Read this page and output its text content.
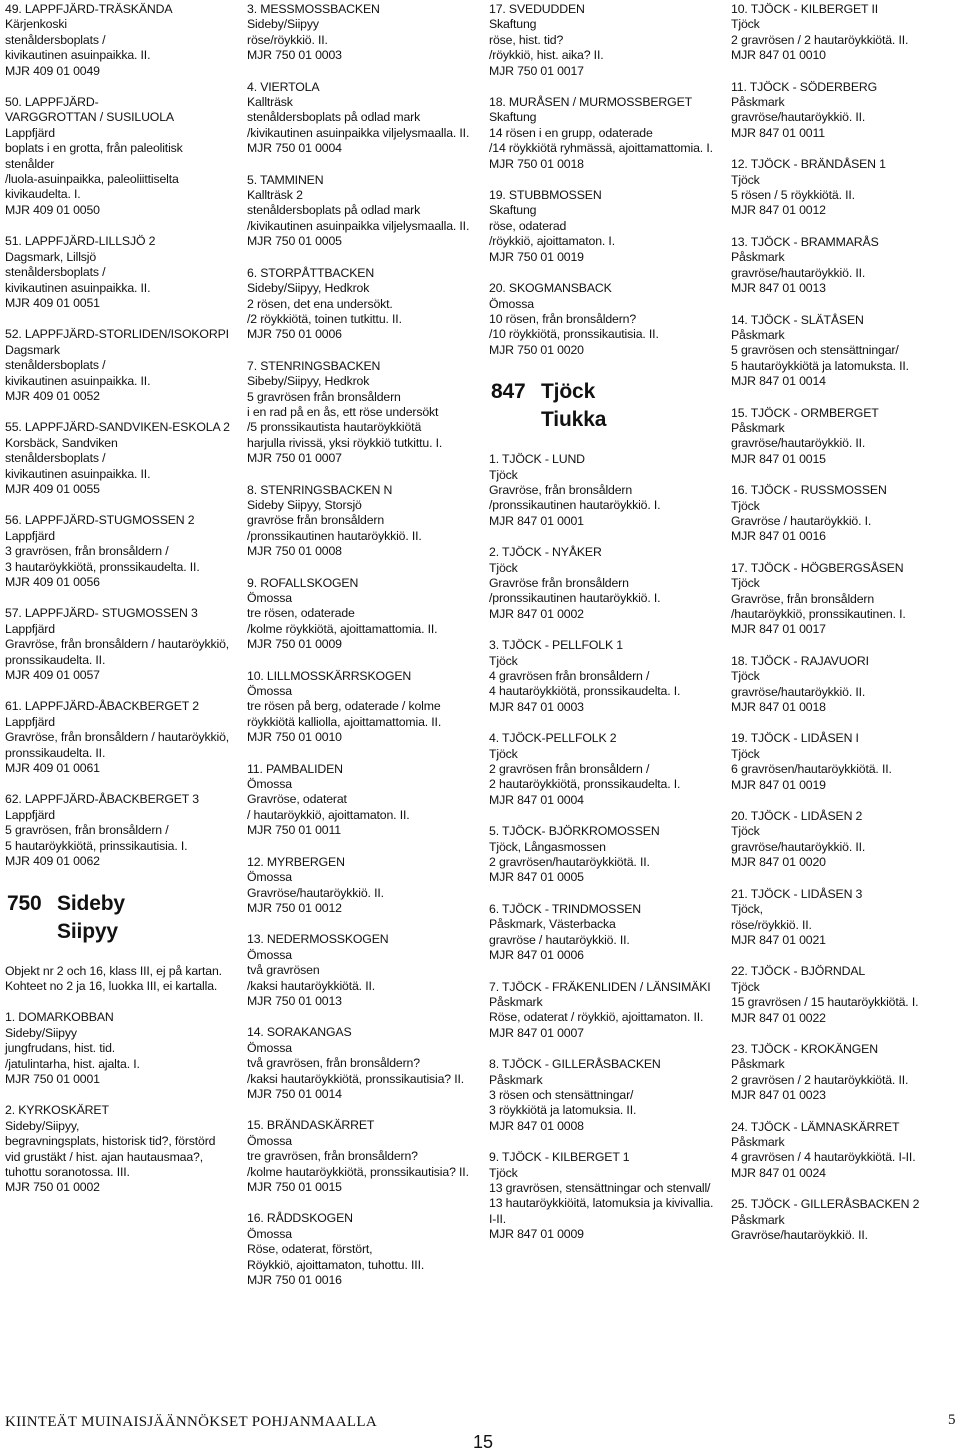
49. LAPPFJÄRD-TRÄSKÄNDA
Kärjenkoski
stenåldersboplats /
kivikautinen asuinpaikka. II.
MJR 409 01 0049
50. LAPPFJÄRD-
VARGGROTTAN / SUSILUOLA
Lappfjärd
boplats i en grotta, från paleolitisk
stenålder
/luola-asuinpaikka, paleoliittiselta
kivikaudelta. I.
MJR 409 01 0050
51. LAPPFJÄRD-LILLSJÖ 2
Dagsmark, Lillsjö
stenåldersboplats /
kivikautinen asuinpaikka. II.
MJR 409 01 0051
52. LAPPFJÄRD-STORLIDEN/ISOKORPI
Dagsmark
stenåldersboplats /
kivikautinen asuinpaikka. II.
MJR 409 01 0052
55. LAPPFJÄRD-SANDVIKEN-ESKOLA 2
Korsbäck, Sandviken
stenåldersboplats /
kivikautinen asuinpaikka. II.
MJR 409 01 0055
56. LAPPFJÄRD-STUGMOSSEN 2
Lappfjärd
3 gravrösen, från bronsåldern /
3 hautaröykkiötä, pronssikaudelta. II.
MJR 409 01 0056
57. LAPPFJÄRD- STUGMOSSEN 3
Lappfjärd
Gravröse, från bronsåldern / hautaröykkiö,
pronssikaudelta. II.
MJR 409 01 0057
61. LAPPFJÄRD-ÅBACKBERGET 2
Lappfjärd
Gravröse, från bronsåldern / hautaröykkiö,
pronssikaudelta. II.
MJR 409 01 0061
62. LAPPFJÄRD-ÅBACKBERGET 3
Lappfjärd
5 gravrösen, från bronsåldern /
5 hautaröykkiötä, prinssikautisia. I.
MJR 409 01 0062
750 Sideby
Siipyy
Objekt nr 2 och 16, klass III, ej på kartan.
Kohteet no 2 ja 16, luokka III, ei kartalla.
1. DOMARKOBBAN
Sideby/Siipyy
jungfrudans, hist. tid.
/jatulintarha, hist. ajalta. I.
MJR 750 01 0001
2. KYRKOSKÄRET
Sideby/Siipyy,
begravningsplats, historisk tid?, förstörd
vid grustäkt / hist. ajan hautausmaa?,
tuhottu soranotossa. III.
MJR 750 01 0002
3. MESSMOSSBACKEN
Sideby/Siipyy
röse/röykkiö. II.
MJR 750 01 0003
4. VIERTOLA
Kallträsk
stenåldersboplats på odlad mark
/kivikautinen asuinpaikka viljelysmaalla. II.
MJR 750 01 0004
5. TAMMINEN
Kallträsk 2
stenåldersboplats på odlad mark
/kivikautinen asuinpaikka viljelysmaalla. II.
MJR 750 01 0005
6. STORPÅTTBACKEN
Sideby/Siipyy, Hedkrok
2 rösen, det ena undersökt.
/2 röykkiötä, toinen tutkittu. II.
MJR 750 01 0006
7. STENRINGSBACKEN
Sibeby/Siipyy, Hedkrok
5 gravrösen från bronsåldern
i en rad på en ås, ett röse undersökt
/5 pronssikautista hautaröykkiötä
harjulla rivissä, yksi röykkiö tutkittu. I.
MJR 750 01 0007
8. STENRINGSBACKEN N
Sideby Siipyy, Storsjö
gravröse från bronsåldern
/pronssikautinen hautaröykkiö. II.
MJR 750 01 0008
9. ROFALLSKOGEN
Ömossa
tre rösen, odaterade
/kolme röykkiötä, ajoittamattomia. II.
MJR 750 01 0009
10. LILLMOSSKÄRRSKOGEN
Ömossa
tre rösen på berg, odaterade / kolme
röykkiötä kalliolla, ajoittamattomia. II.
MJR 750 01 0010
11. PAMBALIDEN
Ömossa
Gravröse, odaterat
/ hautaröykkiö, ajoittamaton. II.
MJR 750 01 0011
12. MYRBERGEN
Ömossa
Gravröse/hautaröykkiö. II.
MJR 750 01 0012
13. NEDERMOSSKOGEN
Ömossa
två gravrösen
/kaksi hautaröykkiötä. II.
MJR 750 01 0013
14. SORAKANGAS
Ömossa
två gravrösen, från bronsåldern?
/kaksi hautaröykkiötä, pronssikautisia? II.
MJR 750 01 0014
15. BRÄNDASKÄRRET
Ömossa
tre gravrösen, från bronsåldern?
/kolme hautaröykkiötä, pronssikautisia? II.
MJR 750 01 0015
16. RÅDDSKOGEN
Ömossa
Röse, odaterat, förstört,
Röykkiö, ajoittamaton, tuhottu. III.
MJR 750 01 0016
17. SVEDUDDEN
Skaftung
röse, hist. tid?
/röykkiö, hist. aika? II.
MJR 750 01 0017
18. MURÅSEN / MURMOSSBERGET
Skaftung
14 rösen i en grupp, odaterade
/14 röykkiötä ryhmässä, ajoittamattomia. I.
MJR 750 01 0018
19. STUBBMOSSEN
Skaftung
röse, odaterad
/röykkiö, ajoittamaton. I.
MJR 750 01 0019
20. SKOGMANSBACK
Ömossa
10 rösen, från bronsåldern?
/10 röykkiötä, pronssikautisia. II.
MJR 750 01 0020
847 Tjöck
Tiukka
1. TJÖCK - LUND
Tjöck
Gravröse, från bronsåldern
/pronssikautinen hautaröykkiö. I.
MJR 847 01 0001
2. TJÖCK - NYÅKER
Tjöck
Gravröse från bronsåldern
/pronssikautinen hautaröykkiö. I.
MJR 847 01 0002
3. TJÖCK - PELLFOLK 1
Tjöck
4 gravrösen från bronsåldern /
4 hautaröykkiötä, pronssikaudelta. I.
MJR 847 01 0003
4. TJÖCK-PELLFOLK 2
Tjöck
2 gravrösen från bronsåldern /
2 hautaröykkiötä, pronssikaudelta. I.
MJR 847 01 0004
5. TJÖCK- BJÖRKROMOSSEN
Tjöck, Långasmossen
2 gravrösen/hautaröykkiötä. II.
MJR 847 01 0005
6. TJÖCK - TRINDMOSSEN
Påskmark, Västerbacka
gravröse / hautaröykkiö. II.
MJR 847 01 0006
7. TJÖCK - FRÄKENLIDEN / LÄNSIMÄKI
Påskmark
Röse, odaterat / röykkiö, ajoittamaton. II.
MJR 847 01 0007
8. TJÖCK - GILLERÅSBACKEN
Påskmark
3 rösen och stensättningar/
3 röykkiötä ja latomuksia. II.
MJR 847 01 0008
9. TJÖCK - KILBERGET 1
Tjöck
13 gravrösen, stensättningar och stenvall/
13 hautaröykkiöitä, latomuksia ja kivivallia.
I-II.
MJR 847 01 0009
10. TJÖCK - KILBERGET II
Tjöck
2 gravrösen / 2 hautaröykkiötä. II.
MJR 847 01 0010
11. TJÖCK - SÖDERBERG
Påskmark
gravröse/hautaröykkiö. II.
MJR 847 01 0011
12. TJÖCK - BRÄNDÅSEN 1
Tjöck
5 rösen / 5 röykkiötä. II.
MJR 847 01 0012
13. TJÖCK - BRAMMARÅS
Påskmark
gravröse/hautaröykkiö. II.
MJR 847 01 0013
14. TJÖCK - SLÄTÅSEN
Påskmark
5 gravrösen och stensättningar/
5 hautaröykkiötä ja latomuksta. II.
MJR 847 01 0014
15. TJÖCK - ORMBERGET
Påskmark
gravröse/hautaröykkiö. II.
MJR 847 01 0015
16. TJÖCK - RUSSMOSSEN
Tjöck
Gravröse / hautaröykkiö. I.
MJR 847 01 0016
17. TJÖCK - HÖGBERGSÅSEN
Tjöck
Gravröse, från bronsåldern
/hautaröykkiö, pronssikautinen. I.
MJR 847 01 0017
18. TJÖCK - RAJAVUORI
Tjöck
gravröse/hautaröykkiö. II.
MJR 847 01 0018
19. TJÖCK - LIDÅSEN I
Tjöck
6 gravrösen/hautaröykkiötä. II.
MJR 847 01 0019
20. TJÖCK - LIDÅSEN 2
Tjöck
gravröse/hautaröykkiö. II.
MJR 847 01 0020
21. TJÖCK - LIDÅSEN 3
Tjöck,
röse/röykkiö. II.
MJR 847 01 0021
22. TJÖCK - BJÖRNDAL
Tjöck
15 gravrösen / 15 hautaröykkiötä. I.
MJR 847 01 0022
23. TJÖCK - KROKÄNGEN
Påskmark
2 gravrösen / 2 hautaröykkiötä. II.
MJR 847 01 0023
24. TJÖCK - LÄMNASKÄRRET
Påskmark
4 gravrösen / 4 hautaröykkiötä. I-II.
MJR 847 01 0024
25. TJÖCK - GILLERÅSBACKEN 2
Påskmark
Gravröse/hautaröykkiö. II.
KIINTEÄT MUINAISJÄÄNNÖKSET POHJANMAALLA
15
5
